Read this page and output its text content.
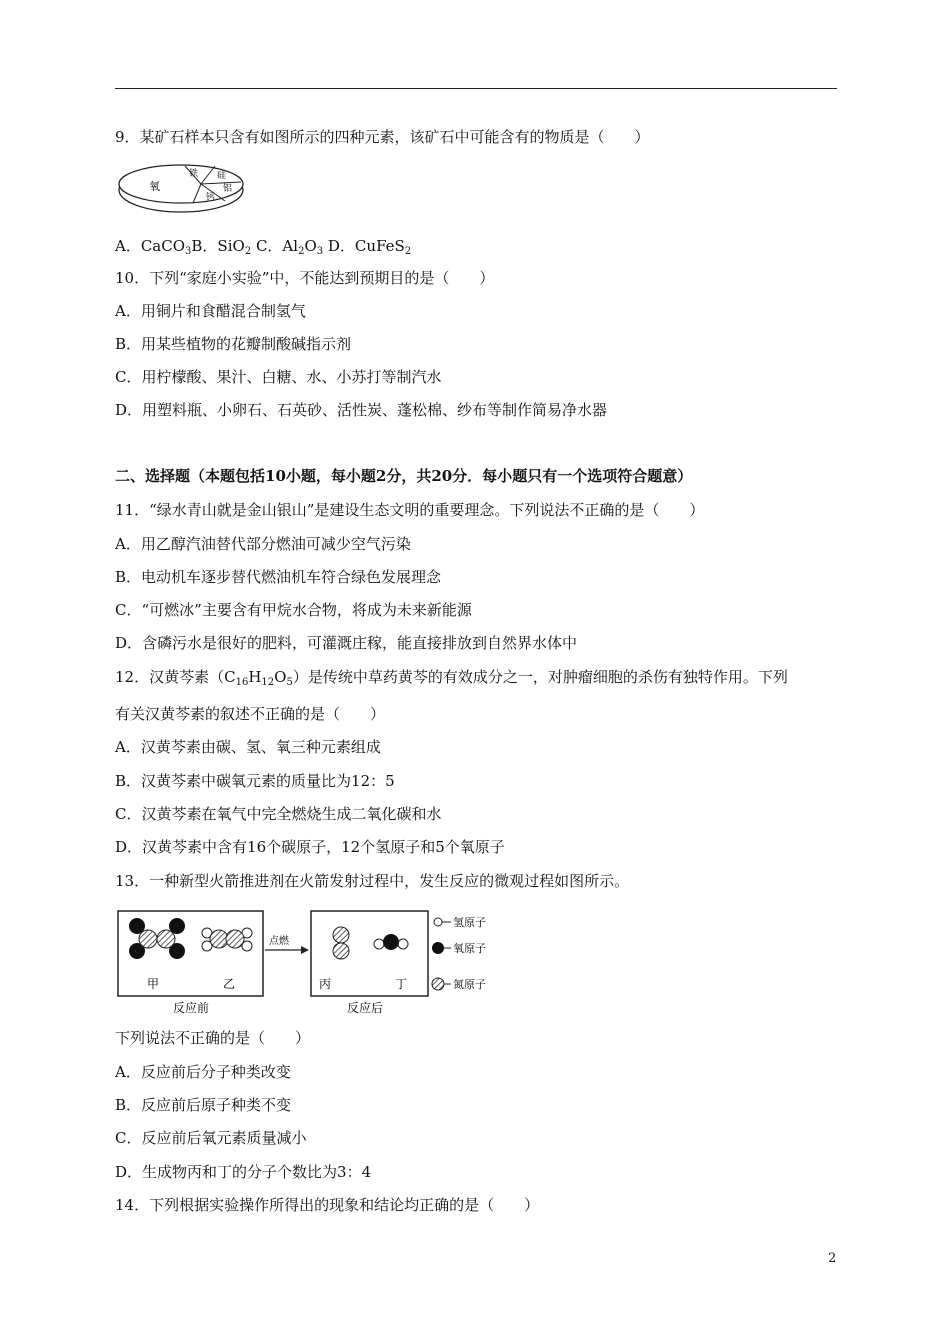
9．某矿石样本只含有如图所示的四种元素，该矿石中可能含有的物质是（　　）
氧
铁 硅
铝
钙
A．CaCO$_3$B．SiO$_2$ C．$Al_2O_3$ D．CuFeS$_2$
10．下列“家庭小实验”中，不能达到预期目的是（　　）
A．用铜片和食醋混合制氢气
B．用某些植物的花瓣制酸碱指示剂
C．用柠檬酸、果汁、白糖、水、小苏打等制汽水
D．用塑料瓶、小卵石、石英砂、活性炭、蓬松棉、纱布等制作简易净水器
二、选择题（本题包括10小题，每小题2分，共20分．每小题只有一个选项符合题意）
11．“绿水青山就是金山银山”是建设生态文明的重要理念。下列说法不正确的是（　　）
A．用乙醇汽油替代部分燃油可减少空气污染
B．电动机车逐步替代燃油机车符合绿色发展理念
C．“可燃冰”主要含有甲烷水合物，将成为未来新能源
D．含磷污水是很好的肥料，可灌溉庄稼，能直接排放到自然界水体中
12．汉黄芩素$(C_{16}H_{12}O_5)$是传统中草药黄芩的有效成分之一，对肿瘤细胞的杀伤有独特作用。下列
有关汉黄芩素的叙述不正确的是（　　）
A．汉黄芩素由碳、氢、氧三种元素组成
B．汉黄芩素中碳氧元素的质量比为12：5
C．汉黄芩素在氧气中完全燃烧生成二氧化碳和水
D．汉黄芩素中含有16个碳原子，12个氢原子和5个氧原子
13．一种新型火箭推进剂在火箭发射过程中，发生反应的微观过程如图所示。
甲	乙
反应前
点燃
丙	丁
反应后
氢原子
氧原子
氮原子
下列说法不正确的是（　　）
A．反应前后分子种类改变
B．反应前后原子种类不变
C．反应前后氧元素质量减小
D．生成物丙和丁的分子个数比为3：4
14．下列根据实验操作所得出的现象和结论均正确的是（　　）
2
